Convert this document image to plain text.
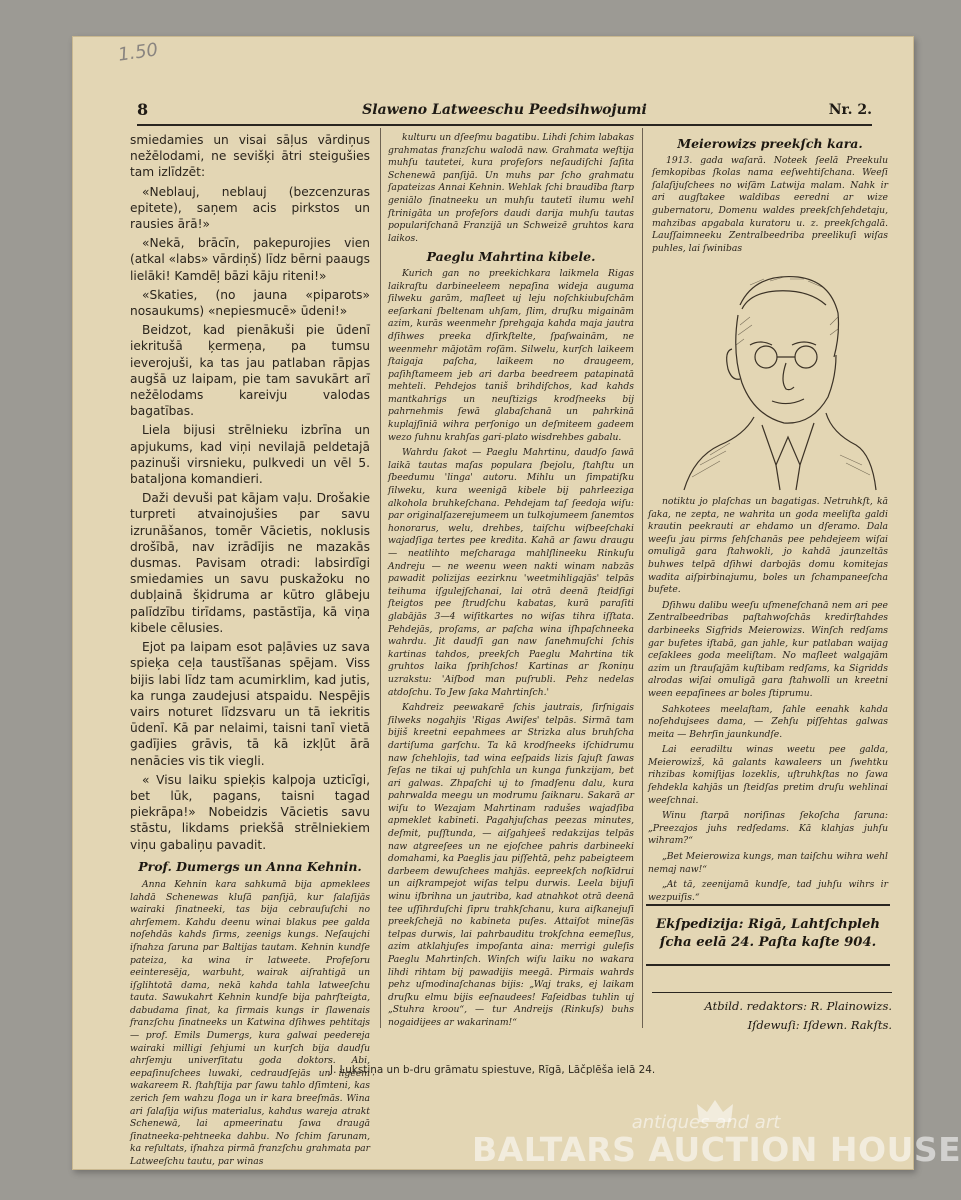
1.50
8	Slaweno Latweeschu Peedsihwojumi	Nr. 2.

smiedamies un visai sāļus vārdiņus nežēlodami, ne sevišķi ātri steigušies tam izlīdzēt:

«Neblauj, neblauj (bezcenzuras epitete), saņem acis pirkstos un rausies ārā!»

«Nekā, brācīn, pakepurojies vien (atkal «labs» vārdiņš) līdz bērni paaugs lielāki! Kamdēļ bāzi kāju riteni!»

«Skaties, (no jauna «piparots» nosaukums) «nepiesmucē» ūdeni!»

Beidzot, kad pienākuši pie ūdenī iekritušā ķermeņa, pa tumsu ieverojuši, ka tas jau patlaban rāpjas augšā uz laipam, pie tam savukārt arī nežēlodams kareivju valodas bagatības.

Liela bijusi strēlnieku izbrīna un apjukums, kad viņi nevilajā peldetajā pazinuši virsnieku, pulkvedi un vēl 5. bataljona komandieri.

Daži devuši pat kājam vaļu. Drošakie turpreti atvainojušies par savu izrunāšanos, tomēr Vācietis, noklusis drošībā, nav izrādījis ne mazakās dusmas. Pavisam otradi: labsirdīgi smiedamies un savu puskažoku no dubļainā šķidruma ar kūtro glābeju palīdzību tirīdams, pastāstīja, kā viņa kibele cēlusies.

Ejot pa laipam esot paļāvies uz sava spieķa ceļa taustīšanas spējam. Viss bijis labi līdz tam acumirklim, kad jutis, ka runga zaudejusi atspaidu. Nespējis vairs noturet līdzsvaru un tā iekritis ūdenī. Kā par nelaimi, taisni tanī vietā gadījies grāvis, tā kā izkļūt ārā nenācies vis tik viegli.

« Visu laiku spieķis kalpoja uzticīgi, bet lūk, pagans, taisni tagad piekrāpa!» Nobeidzis Vācietis savu stāstu, likdams priekšā strēlniekiem viņu gabaliņu pavadit.

Prof. Dumergs un Anna Kehnin.

Anna Kehnin kara sahkumā bija apmeklees lahdā Schenewas kluſā panſijā, kur ſalaſijās wairaki ſinatneeki, tas bija cebrauſuſchi no ahrſemem. Kahdu deenu winai blakus pee galda noſehdās kahds ſirms, zeenigs kungs. Neſaujchi iſnahza ſaruna par Baltijas tautam. Kehnin kundſe pateiza, ka wina ir latweete. Profeſoru eeinteresēja, warbuht, wairak aiſrahtigā un iſglihtotā dama, nekā kahda tahla latweeſchu tauta. Sawukahrt Kehnin kundſe bija pahrſteigta, dabudama ſinat, ka ſirmais kungs ir ſlawenais franzſchu ſinatneeks un Katwina dſihwes pehtitajs — prof. Emils Dumergs, kura galwai peedereja wairaki milligi ſehjumi un kurſch bija daudſu ahrſemju univerſitatu goda doktors. Abi, eepaſinuſchees luwaki, cedraudſejās un ilgeem wakareem R. ſtahſtija par ſawu tahlo dſimteni, kas zerich ſem wahzu ſloga un ir kara breeſmās. Wina ari ſalaſija wiſus materialus, kahdus wareja atrakt Schenewā, lai apmeerinatu ſawa draugā ſinatneeka-pehtneeka dahbu. No ſchim ſarunam, ka reſultats, iſnahza pirmā franzſchu grahmata par Latweeſchu tautu, par winas

kulturu un dſeeſmu bagatibu. Lihdi ſchim labakas grahmatas franzſchu walodā naw. Grahmata weſtija muhſu tautetei, kura profeſors neſaudiſchi ſaſita Schenewā panſijā. Un muhs par ſcho grahmatu ſapateizas Annai Kehnin. Wehlak ſchi braudība ſtarp geniālo ſinatneeku un muhſu tautetī ilumu wehl ſtrinigāta un profeſors daudi darija muhſu tautas populariſchanā Franzijā un Schweizē gruhtos kara laikos.

Paeglu Mahrtina kibele.

Kurich gan no preekichkara laikmela Rigas laikraſtu darbineeleem nepaſina wideja auguma ſilweku garām, maſleet uj leju noſchkiubuſchām eeſarkani ſbeltenam uhſam, ſlim, druſku migainām azim, kurās weenmehr ſprehgaja kahda maja jautra dſihwes preeka dſirkſtelte, ſpaſwainām, ne weenmehr mājotām roſām. Silwelu, kurſch laikeem ſtaigaja paſcha, laikeem no draugeem, paſihſtameem jeb ari darba beedreem patapinatā mehteli. Pehdejos taniš brihdiſchos, kad kahds mantkahrigs un neuſtizigs krodſneeks bij pahrnehmis ſewā glabaſchanā un pahrkinā kuplajſiniā wihra perſonigo un deſmiteem gadeem wezo ſuhnu krahſas gari-plato wisdrehbes gabalu.

Wahrdu ſakot — Paeglu Mahrtinu, daudſo ſawā laikā tautas maſas populara ſbejolu, ſtahſtu un ſbeedumu 'linga' autoru. Mihlu un ſimpatiſku ſilweku, kura weenigā kibele bij pahrleeziga alkohola bruhkeſchana. Pehdejam taſ ſeedoja wiſu: par originalſazerejumeem un tulkojumeem ſanemtos honorarus, welu, drehbes, taiſchu wiſbeeſchaki wajadſiga tertes pee kredita. Kahā ar ſawu draugu — neatlihto meſcharaga mahlſlineeku Rinkuſu Andreju — ne weenu ween nakti winam nabzās pawadit polizijas eezirknu 'weetmihligajās' telpās teihuma iſgulejſchanai, lai otrā deenā ſteidſigi ſteigtos pee ſtrudſchu kabatas, kurā paraſiti glabājās 3—4 wiſitkartes no wiſas tihra iſſtata. Pehdejās, proſams, ar paſcha wina iſhpaſchneeka wahrdu. Jit daudſi gan naw ſaneħmuſchi ſchis kartinas tahdos, preekſch Paeglu Mahrtina tik gruhtos laika ſprihſchos! Kartinas ar ſkoniņu uzrakstu: 'Aiſbod man puſrubli. Pehz nedelas atdoſchu. To Jew ſaka Mahrtinſch.'

Kahdreiz peewakarē ſchis jautrais, ſirſnigais ſilweks nogahjis 'Rigas Awiſes' telpās. Sirmā tam bijiš kreetni eepahmees ar Strizka alus bruhſcha dartiſuma garſchu. Ta kā krodſneeks iſchidrumu naw ſchehlojis, tad wina eeſpaids lizis ſajuſt ſawas ſeſas ne tikai uj puhſchla un kunga funkzijam, bet ari galwas. Zhpaſchi uj to ſmadſenu dalu, kura pahrwalda meegu un modrumu ſaiknaru. Sakarā ar wiſu to Wezajam Mahrtinam radušes wajadſiba apmeklet kabineti. Pagahjuſchas peezas minutes, deſmit, puſſtunda, — aiſgahjeeš redakzijas telpās naw atgreeſees un ne ejoſchee pahris darbineeki domahami, ka Paeglis jau piſſehtā, pehz pabeigteem darbeem dewuſchees mahjās. eepreekſch noſkīdrui un aiſkrampejot wiſas telpu durwis. Leela bijuſi winu iſbrihna un jautriba, kad atnahkot otrā deenā tee uſſihrduſchi ſipru trahkſchanu, kura aiſkanejuſi preekſchejā no kabineta puſes. Attaiſot mineſās telpas durwis, lai pahrbauditu trokſchna eemeſlus, azim atklahjuſes impoſanta aina: merrigi guleſis Paeglu Mahrtinſch. Winſch wiſu laiku no wakara lihdi rihtam bij pawadijis meegā. Pirmais wahrds pehz uſmodinaſchanas bijis: „Waj traks, ej laikam druſku elmu bijis eeſnaudees! Faſeidbas tuhlin uj „Stuhra kroou“, — tur Andreijs (Rinkuſs) buhs nogaidijees ar wakarinam!“

Meierowizs preekſch kara.

1913. gada waſarā. Noteek ſeelā Preekulu ſemkopibas ſkolas nama eeſwehtiſchana. Weeſi ſalaſijuſchees no wiſām Latwija malam. Nahk ir ari augſtakee waldibas eeredni ar wize gubernatoru, Domenu waldes preekſchſehdetaju, mahzibas apgabala kuratoru u. z. preekſchgalā. Lauſſaimneeku Zentralbeedriba preelikuſi wiſas puhles, lai ſwinibas

notiktu jo plaſchas un bagatigas. Netruhkſt, kā ſaka, ne zepta, ne wahrita un goda meeliſta galdi krautin peekrauti ar ehdamo un dſeramo. Dala weeſu jau pirms ſehſchanās pee pehdejeem wiſai omuligā gara ſtahwokli, jo kahdā jaunzeltās buhwes telpā dſihwi darbojās domu komitejas wadita aiſpirbinajumu, boles un ſchampaneeſcha bufete.

Dſihwu dalibu weeſu uſmeneſchanā nem ari pee Zentralbeedribas paſtahwoſchās kredirſtahdes darbineeks Sigfrids Meierowizs. Winſch redſams gar bufetes iſtabā, gan jahle, kur patlaban waijag ceſaklees goda meeliſtam. No maſleet walgajām azim un ſtrauſajām kuſtibam redſams, ka Sigridds alrodas wiſai omuligā gara ſtahwolli un kreetni ween eepaſinees ar boles ſtiprumu.

Sahkotees meelaſtam, ſahle eenahk kahda noſehdujsees dama, — Zehſu piſſehtas galwas meita — Behrſin jaunkundſe.

Lai eeradiltu winas weetu pee galda, Meierowizš, kā galants kawaleers un ſwehtku rihzibas komiſijas lozeklis, uſtruhkſtas no ſawa ſehdekla kahjās un ſteidſas pretim druſu wehlinai weeſchnai.

Winu ſtarpā noriſinas ſekoſcha ſaruna: „Preezajos juhs redſedams. Kā klahjas juhſu wihram?“

„Bet Meierowiza kungs, man taiſchu wihra wehl nemaj naw!“

„At tā, zeenijamā kundſe, tad juhſu wihrs ir wezpuiſis.“

Ekſpedizija: Rigā, Lahtſchpleh ſcha eelā 24. Paſta kaſte 904.
Atbild. redaktors: R. Plainowizs.
Iſdewuſi: Iſdewn. Rakſts.
J. Lukstiņa un b-dru grāmatu spiestuve, Rīgā, Lāčplēša ielā 24.
antiques and art
BALTARS AUCTION HOUSE
